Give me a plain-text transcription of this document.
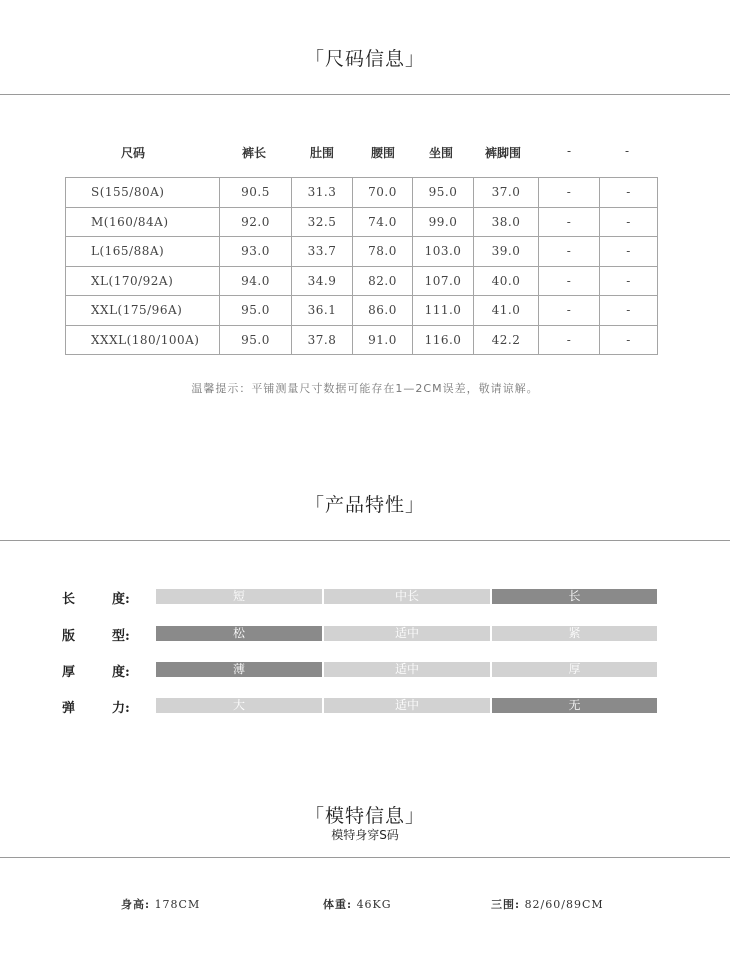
「尺码信息」
尺码	裤长	肚围	腰围	坐围	裤脚围	-	-
S(155/80A)	90.5	31.3	70.0	95.0	37.0	-	-
M(160/84A)	92.0	32.5	74.0	99.0	38.0	-	-
L(165/88A)	93.0	33.7	78.0	103.0	39.0	-	-
XL(170/92A)	94.0	34.9	82.0	107.0	40.0	-	-
XXL(175/96A)	95.0	36.1	86.0	111.0	41.0	-	-
XXXL(180/100A)	95.0	37.8	91.0	116.0	42.2	-	-
温馨提示：平铺测量尺寸数据可能存在1—2CM误差，敬请谅解。
「产品特性」
长	度:	短	中长	长
版	型:	松	适中	紧
厚	度:	薄	适中	厚
弹	力:	大	适中	无
「模特信息」
模特身穿S码
身高: 178CM	体重: 46KG	三围: 82/60/89CM
